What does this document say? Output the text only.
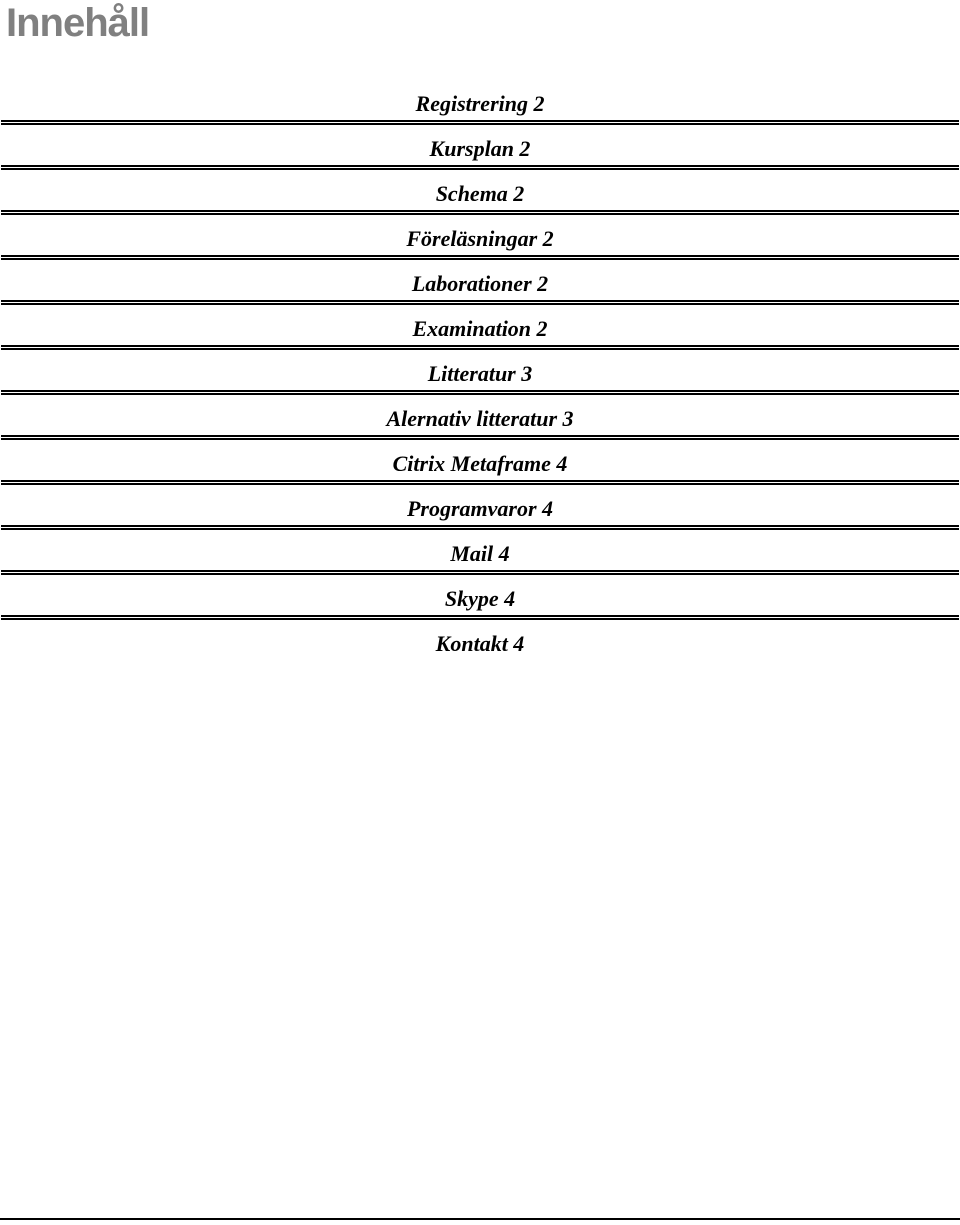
Innehåll
Registrering 2
Kursplan 2
Schema 2
Föreläsningar 2
Laborationer 2
Examination 2
Litteratur 3
Alernativ litteratur 3
Citrix Metaframe 4
Programvaror 4
Mail 4
Skype 4
Kontakt 4
